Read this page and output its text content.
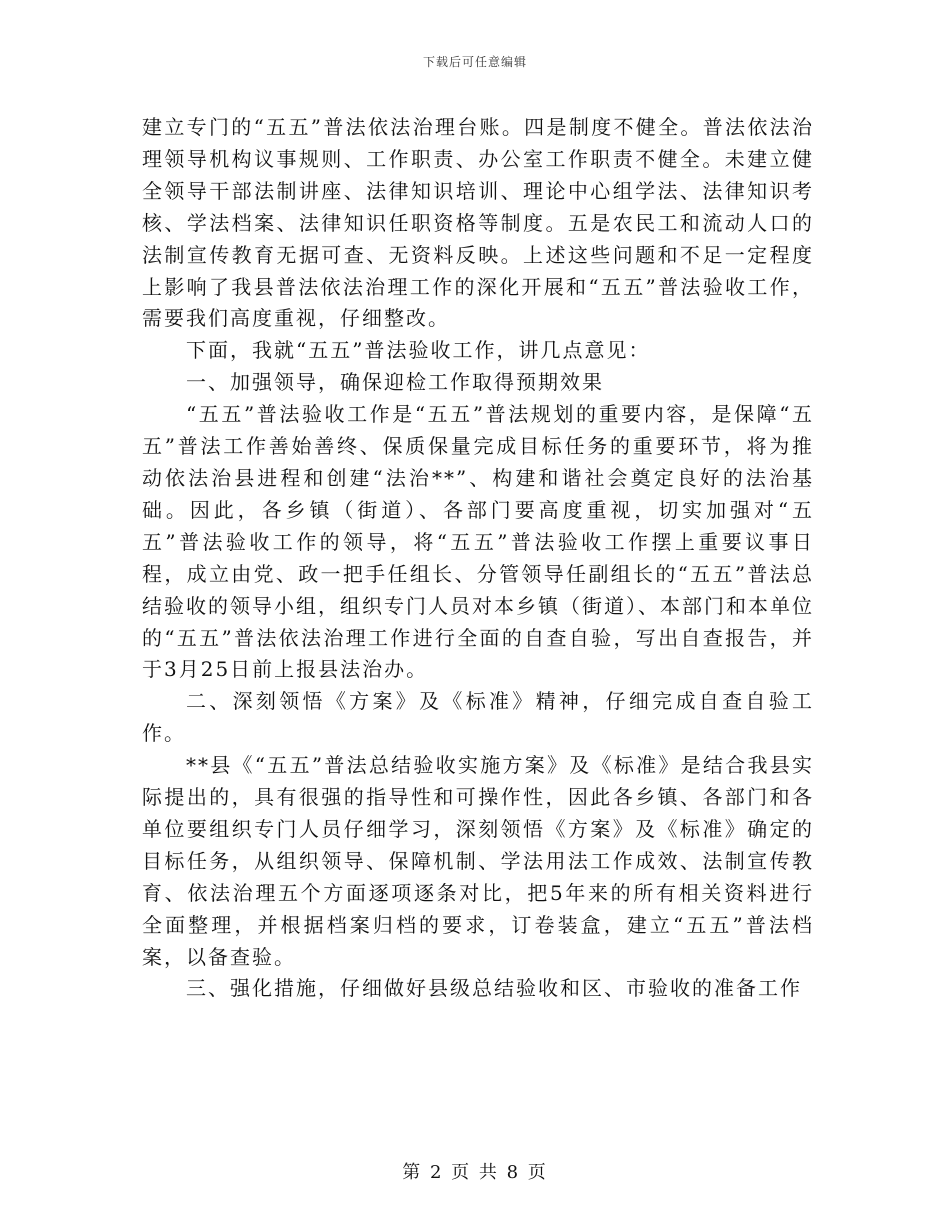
下载后可任意编辑

建立专门的“五五”普法依法治理台账。四是制度不健全。普法依法治理领导机构议事规则、工作职责、办公室工作职责不健全。未建立健全领导干部法制讲座、法律知识培训、理论中心组学法、法律知识考核、学法档案、法律知识任职资格等制度。五是农民工和流动人口的法制宣传教育无据可查、无资料反映。上述这些问题和不足一定程度上影响了我县普法依法治理工作的深化开展和“五五”普法验收工作，需要我们高度重视，仔细整改。

下面，我就“五五”普法验收工作，讲几点意见：

一、加强领导，确保迎检工作取得预期效果

“五五”普法验收工作是“五五”普法规划的重要内容，是保障“五五”普法工作善始善终、保质保量完成目标任务的重要环节，将为推动依法治县进程和创建“法治**”、构建和谐社会奠定良好的法治基础。因此，各乡镇（街道）、各部门要高度重视，切实加强对“五五”普法验收工作的领导，将“五五”普法验收工作摆上重要议事日程，成立由党、政一把手任组长、分管领导任副组长的“五五”普法总结验收的领导小组，组织专门人员对本乡镇（街道）、本部门和本单位的“五五”普法依法治理工作进行全面的自查自验，写出自查报告，并于3月25日前上报县法治办。

二、深刻领悟《方案》及《标准》精神，仔细完成自查自验工作。

**县《“五五”普法总结验收实施方案》及《标准》是结合我县实际提出的，具有很强的指导性和可操作性，因此各乡镇、各部门和各单位要组织专门人员仔细学习，深刻领悟《方案》及《标准》确定的目标任务，从组织领导、保障机制、学法用法工作成效、法制宣传教育、依法治理五个方面逐项逐条对比，把5年来的所有相关资料进行全面整理，并根据档案归档的要求，订卷装盒，建立“五五”普法档案，以备查验。

三、强化措施，仔细做好县级总结验收和区、市验收的准备工作

第 2 页 共 8 页
